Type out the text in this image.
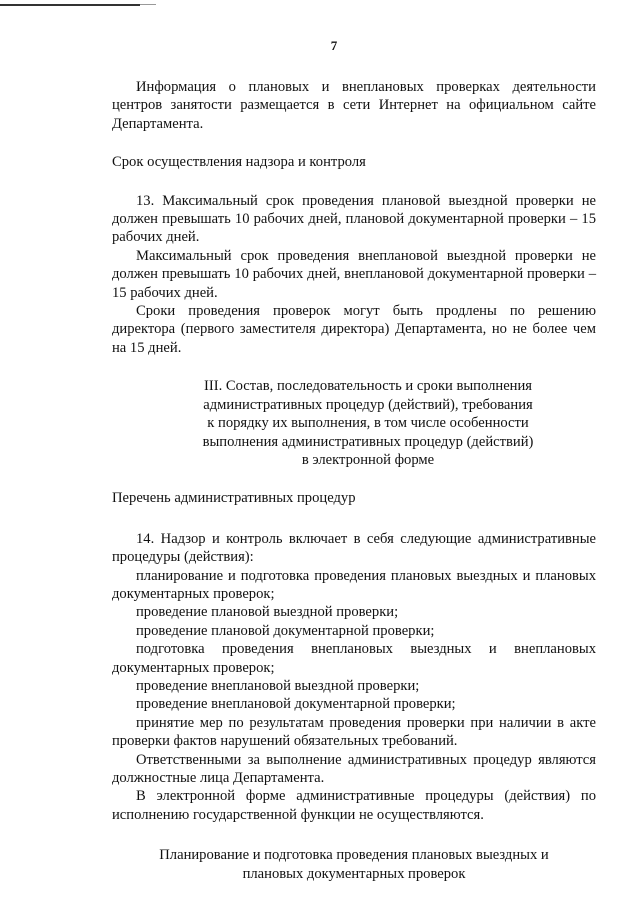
7

Информация о плановых и внеплановых проверках деятельности центров занятости размещается в сети Интернет на официальном сайте Департамента.

Срок осуществления надзора и контроля

13. Максимальный срок проведения плановой выездной проверки не должен превышать 10 рабочих дней, плановой документарной проверки – 15 рабочих дней.

Максимальный срок проведения внеплановой выездной проверки не должен превышать 10 рабочих дней, внеплановой документарной проверки – 15 рабочих дней.

Сроки проведения проверок могут быть продлены по решению директора (первого заместителя директора) Департамента, но не более чем на 15 дней.

III. Состав, последовательность и сроки выполнения
административных процедур (действий), требования
к порядку их выполнения, в том числе особенности
выполнения административных процедур (действий)
в электронной форме

Перечень административных процедур

14. Надзор и контроль включает в себя следующие административные процедуры (действия):

планирование и подготовка проведения плановых выездных и плановых документарных проверок;

проведение плановой выездной проверки;

проведение плановой документарной проверки;

подготовка проведения внеплановых выездных и внеплановых документарных проверок;

проведение внеплановой выездной проверки;

проведение внеплановой документарной проверки;

принятие мер по результатам проведения проверки при наличии в акте проверки фактов нарушений обязательных требований.

Ответственными за выполнение административных процедур являются должностные лица Департамента.

В электронной форме административные процедуры (действия) по исполнению государственной функции не осуществляются.

Планирование и подготовка проведения плановых выездных и
плановых документарных проверок
